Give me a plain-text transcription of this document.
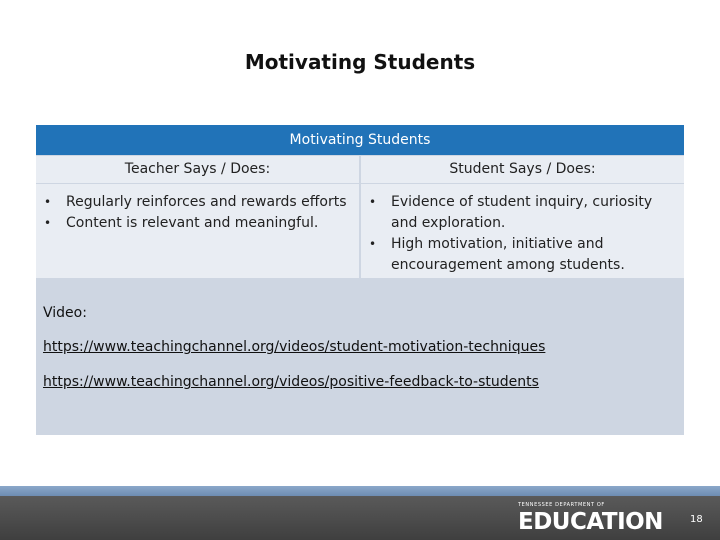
Motivating Students
Motivating Students
Teacher Says / Does:	Student Says / Does:
• Regularly reinforces and rewards efforts
• Content is relevant and meaningful.
• Evidence of student inquiry, curiosity and exploration.
• High motivation, initiative and encouragement among students.
Video:
https://www.teachingchannel.org/videos/student-motivation-techniques
https://www.teachingchannel.org/videos/positive-feedback-to-students
TENNESSEE DEPARTMENT OF
EDUCATION	18
